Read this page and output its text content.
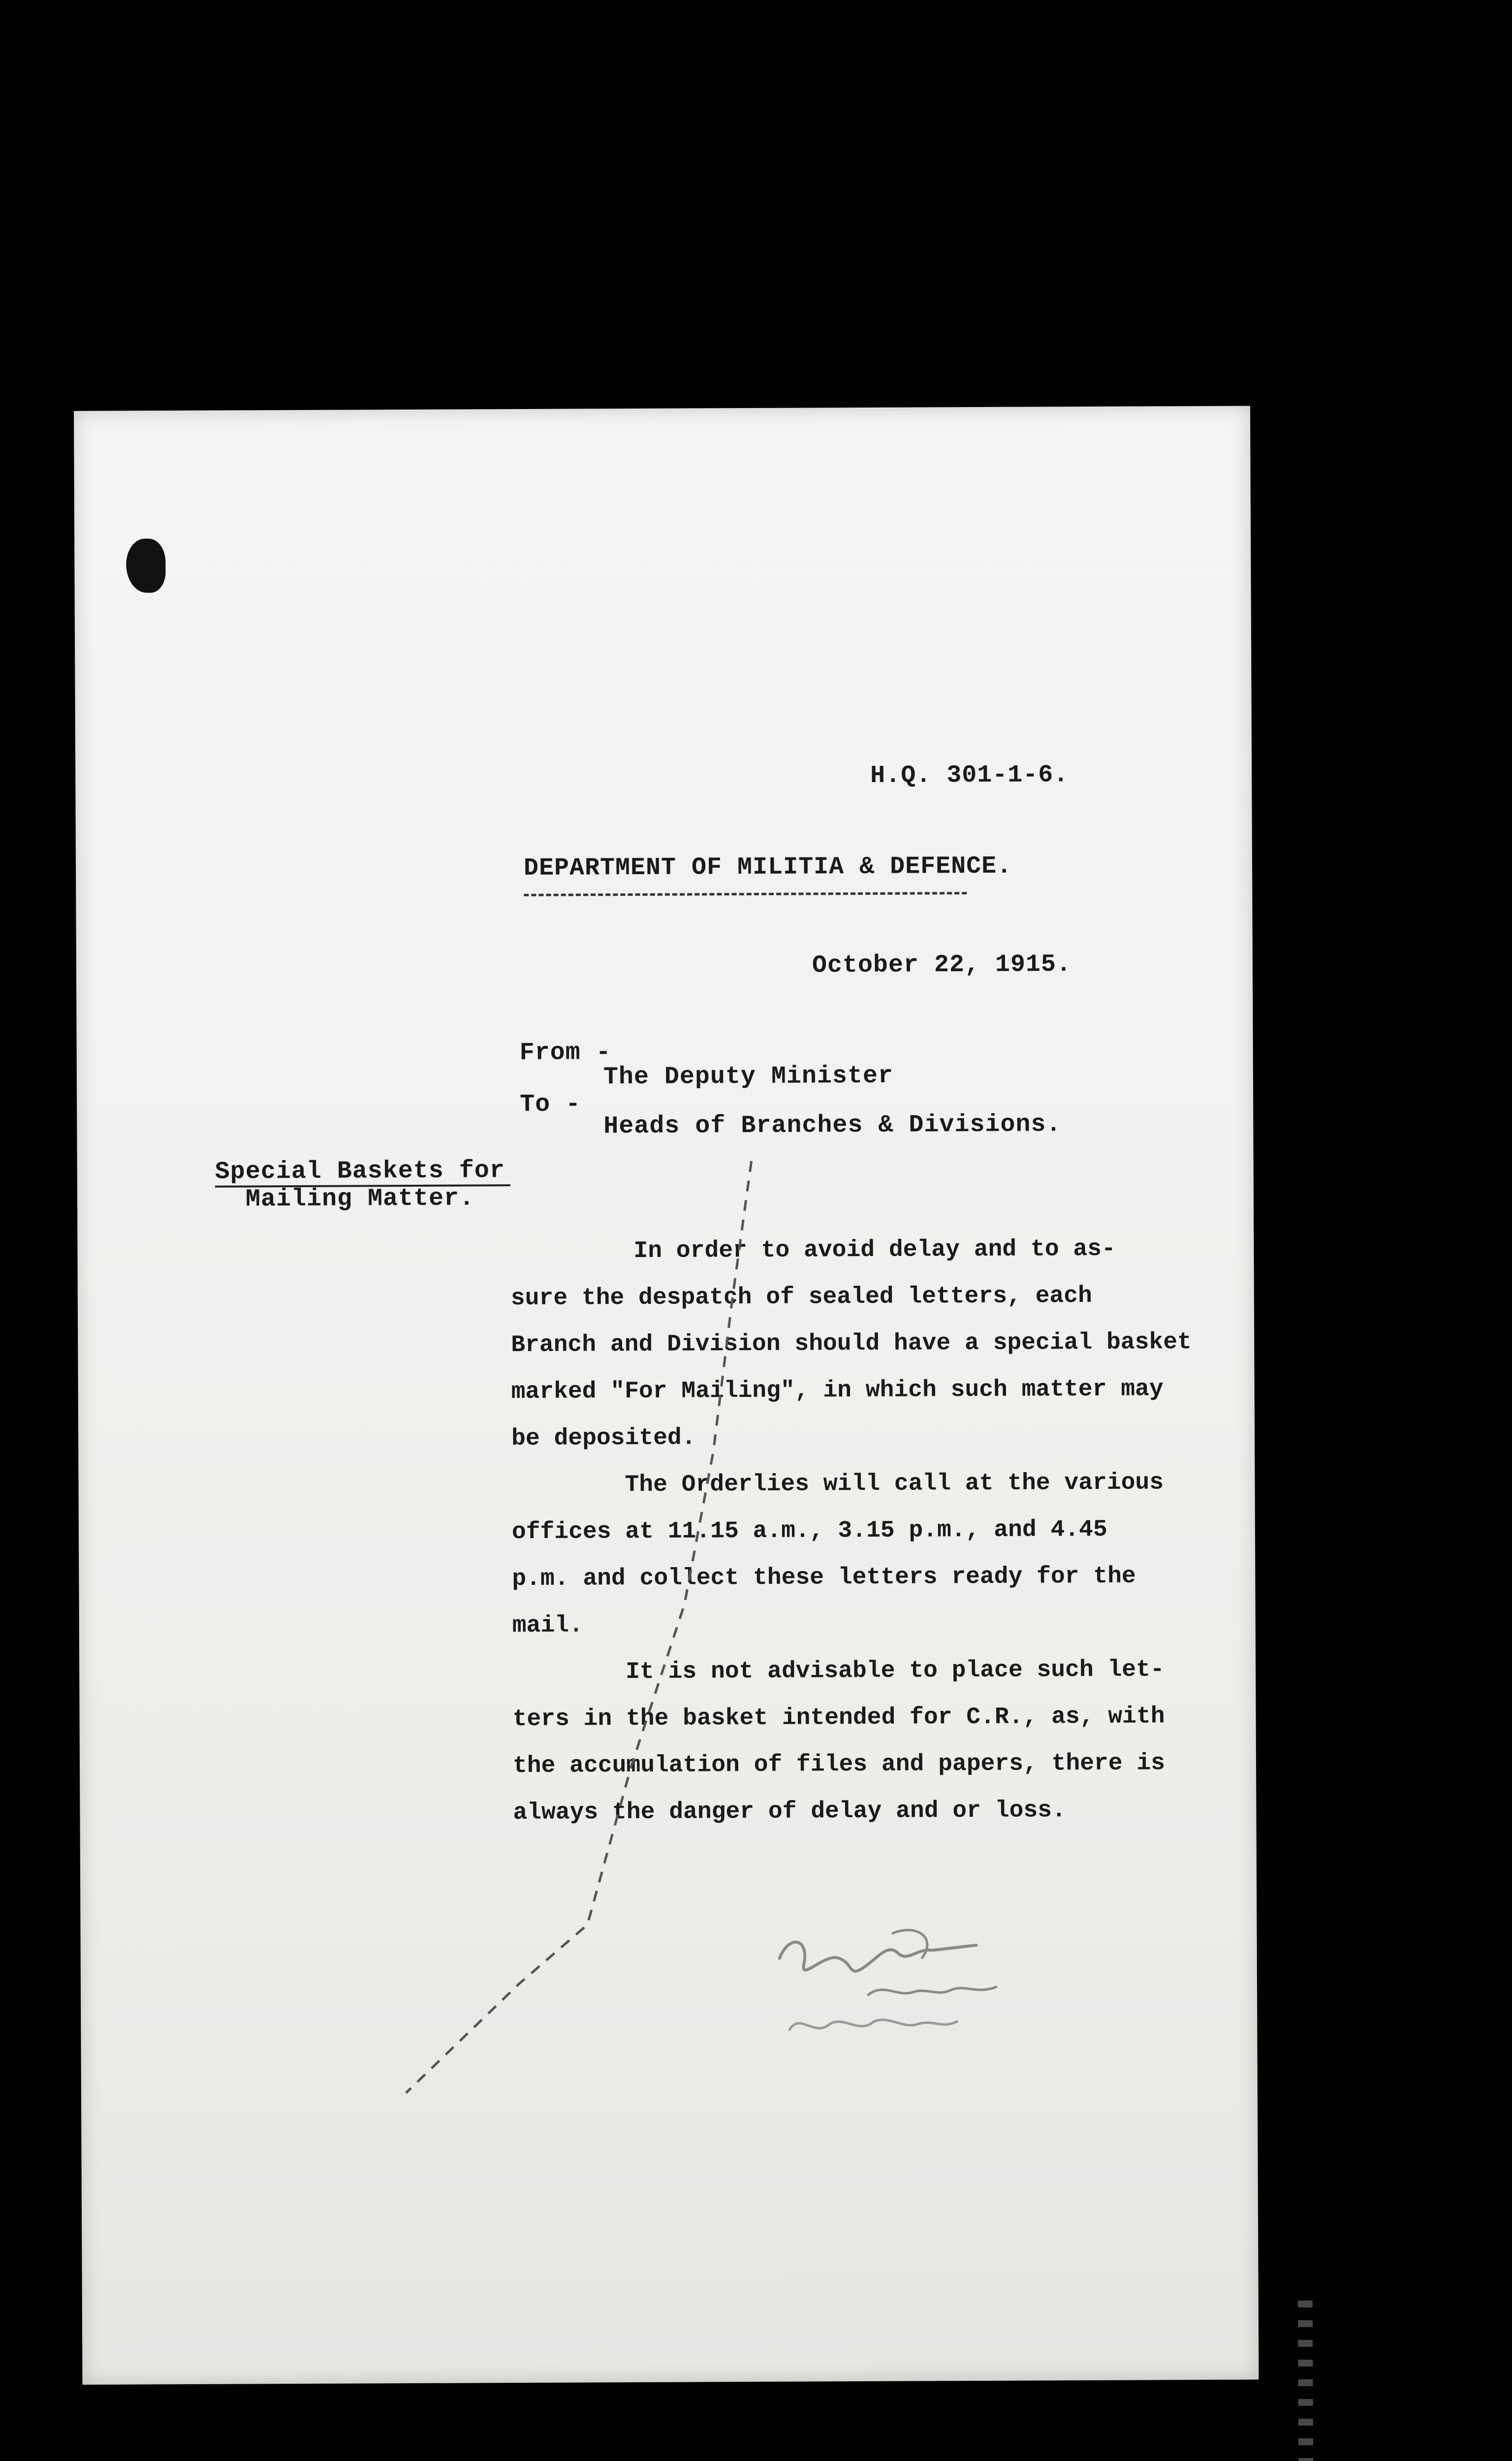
H.Q. 301-1-6.
DEPARTMENT OF MILITIA & DEFENCE.
October 22, 1915.
From -
The Deputy Minister
To -
Heads of Branches & Divisions.
Special Baskets for
Mailing Matter.
In order to avoid delay and to as-
sure the despatch of sealed letters, each
Branch and Division should have a special basket
marked "For Mailing", in which such matter may
be deposited.
The Orderlies will call at the various
offices at 11.15 a.m., 3.15 p.m., and 4.45
p.m. and collect these letters ready for the
mail.
It is not advisable to place such let-
ters in the basket intended for C.R., as, with
the accumulation of files and papers, there is
always the danger of delay and or loss.
